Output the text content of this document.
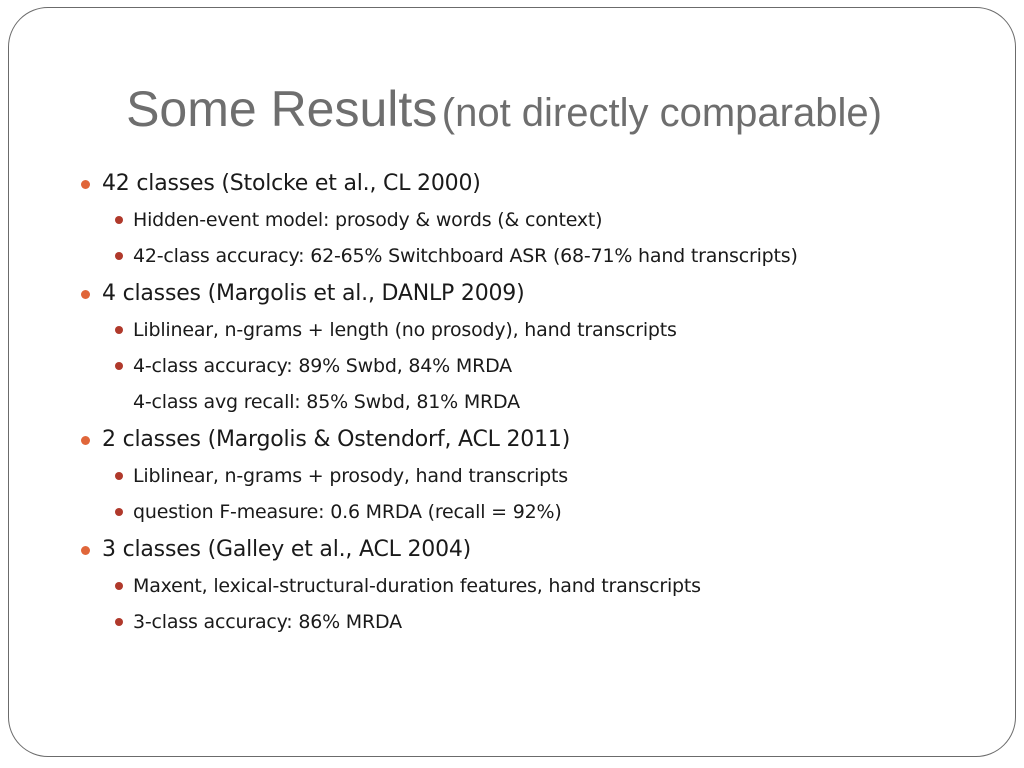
Some Results (not directly comparable)
42 classes (Stolcke et al., CL 2000)
Hidden-event model: prosody & words (& context)
42-class accuracy: 62-65% Switchboard ASR (68-71% hand transcripts)
4 classes (Margolis et al., DANLP 2009)
Liblinear, n-grams + length (no prosody), hand transcripts
4-class accuracy: 89% Swbd, 84% MRDA
4-class avg recall: 85% Swbd, 81% MRDA
2 classes (Margolis & Ostendorf, ACL 2011)
Liblinear, n-grams + prosody, hand transcripts
question F-measure: 0.6 MRDA (recall = 92%)
3 classes (Galley et al., ACL 2004)
Maxent, lexical-structural-duration features, hand transcripts
3-class accuracy: 86% MRDA
